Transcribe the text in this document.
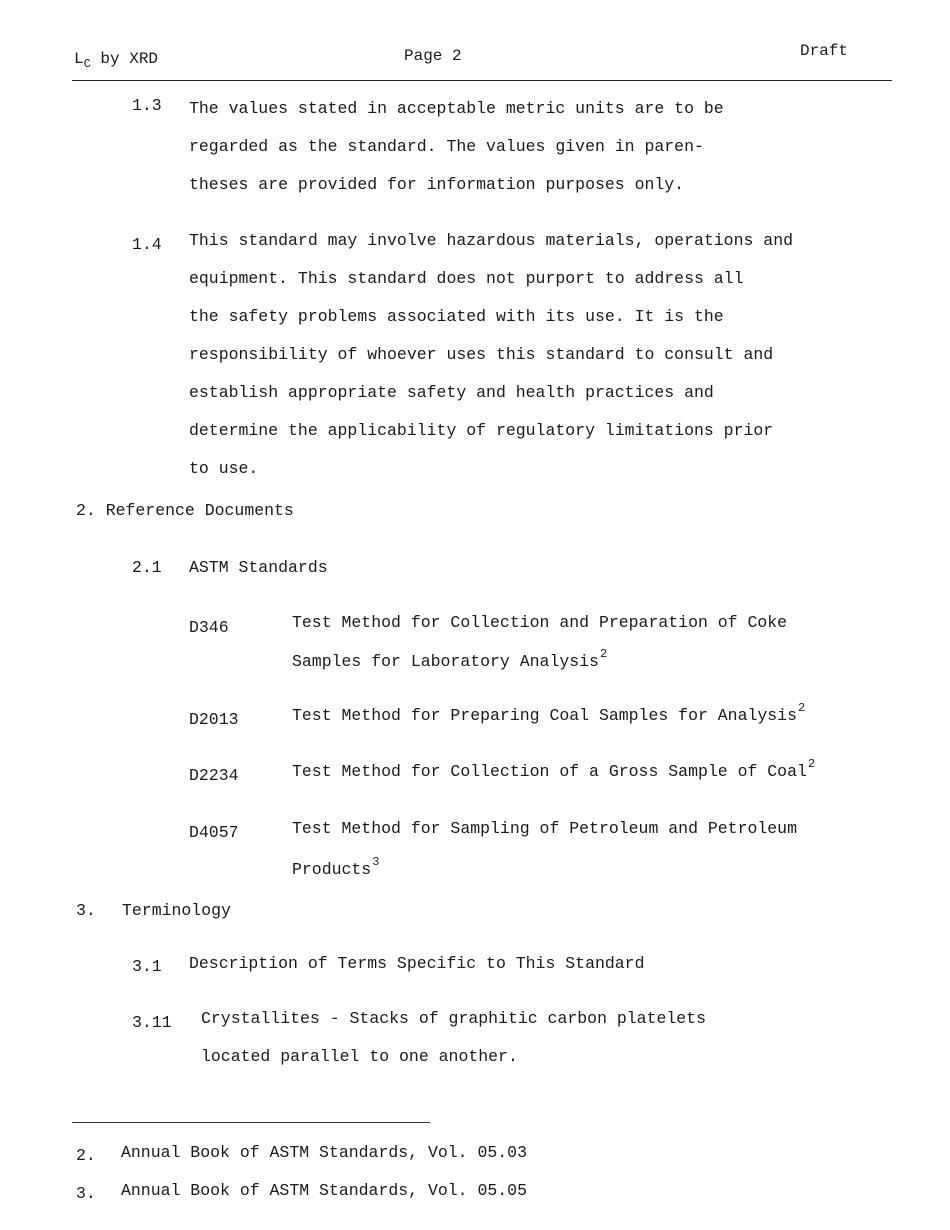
$L_C$ by XRD	Page 2	Draft
1.3 The values stated in acceptable metric units are to be
regarded as the standard. The values given in paren-
theses are provided for information purposes only.
1.4 This standard may involve hazardous materials, operations and
equipment. This standard does not purport to address all
the safety problems associated with its use. It is the
responsibility of whoever uses this standard to consult and
establish appropriate safety and health practices and
determine the applicability of regulatory limitations prior
to use.
2. Reference Documents
2.1 ASTM Standards
D346	Test Method for Collection and Preparation of Coke
Samples for Laboratory Analysis$^2$
D2013	Test Method for Preparing Coal Samples for Analysis$^2$
D2234	Test Method for Collection of a Gross Sample of Coal$^2$
D4057	Test Method for Sampling of Petroleum and Petroleum
Products$^3$
3. Terminology
3.1 Description of Terms Specific to This Standard
3.11 Crystallites - Stacks of graphitic carbon platelets
located parallel to one another.
2. Annual Book of ASTM Standards, Vol. 05.03
3. Annual Book of ASTM Standards, Vol. 05.05
